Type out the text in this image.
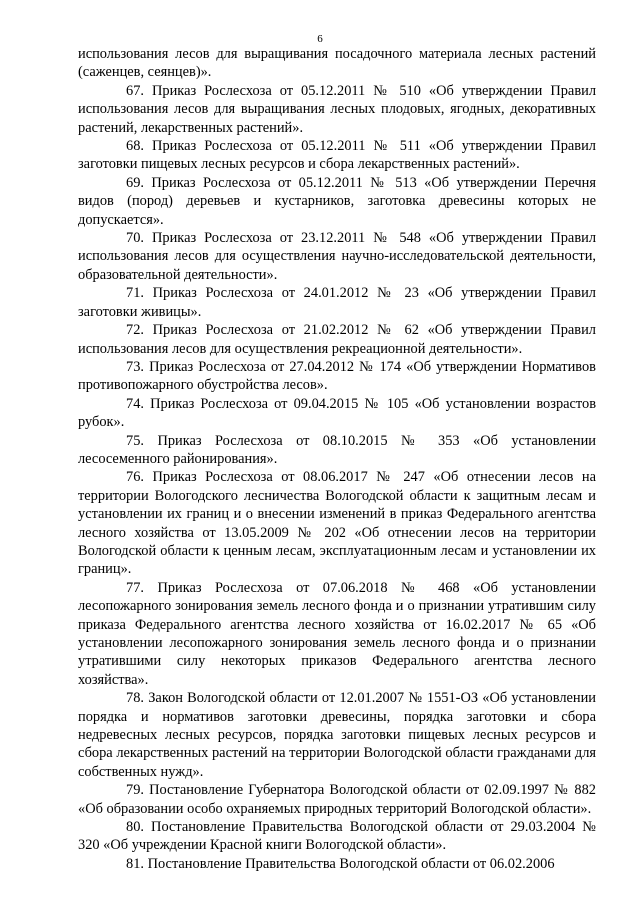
6

использования лесов для выращивания посадочного материала лесных растений (саженцев, сеянцев)».

67. Приказ Рослесхоза от 05.12.2011 № 510 «Об утверждении Правил использования лесов для выращивания лесных плодовых, ягодных, декоративных растений, лекарственных растений».

68. Приказ Рослесхоза от 05.12.2011 № 511 «Об утверждении Правил заготовки пищевых лесных ресурсов и сбора лекарственных растений».

69. Приказ Рослесхоза от 05.12.2011 № 513 «Об утверждении Перечня видов (пород) деревьев и кустарников, заготовка древесины которых не допускается».

70. Приказ Рослесхоза от 23.12.2011 № 548 «Об утверждении Правил использования лесов для осуществления научно-исследовательской деятельности, образовательной деятельности».

71. Приказ Рослесхоза от 24.01.2012 № 23 «Об утверждении Правил заготовки живицы».

72. Приказ Рослесхоза от 21.02.2012 № 62 «Об утверждении Правил использования лесов для осуществления рекреационной деятельности».

73. Приказ Рослесхоза от 27.04.2012 № 174 «Об утверждении Нормативов противопожарного обустройства лесов».

74. Приказ Рослесхоза от 09.04.2015 № 105 «Об установлении возрастов рубок».

75. Приказ Рослесхоза от 08.10.2015 № 353 «Об установлении лесосеменного районирования».

76. Приказ Рослесхоза от 08.06.2017 № 247 «Об отнесении лесов на территории Вологодского лесничества Вологодской области к защитным лесам и установлении их границ и о внесении изменений в приказ Федерального агентства лесного хозяйства от 13.05.2009 № 202 «Об отнесении лесов на территории Вологодской области к ценным лесам, эксплуатационным лесам и установлении их границ».

77. Приказ Рослесхоза от 07.06.2018 № 468 «Об установлении лесопожарного зонирования земель лесного фонда и о признании утратившим силу приказа Федерального агентства лесного хозяйства от 16.02.2017 № 65 «Об установлении лесопожарного зонирования земель лесного фонда и о признании утратившими силу некоторых приказов Федерального агентства лесного хозяйства».

78. Закон Вологодской области от 12.01.2007 № 1551-ОЗ «Об установлении порядка и нормативов заготовки древесины, порядка заготовки и сбора недревесных лесных ресурсов, порядка заготовки пищевых лесных ресурсов и сбора лекарственных растений на территории Вологодской области гражданами для собственных нужд».

79. Постановление Губернатора Вологодской области от 02.09.1997 № 882 «Об образовании особо охраняемых природных территорий Вологодской области».

80. Постановление Правительства Вологодской области от 29.03.2004 № 320 «Об учреждении Красной книги Вологодской области».

81. Постановление Правительства Вологодской области от 06.02.2006
